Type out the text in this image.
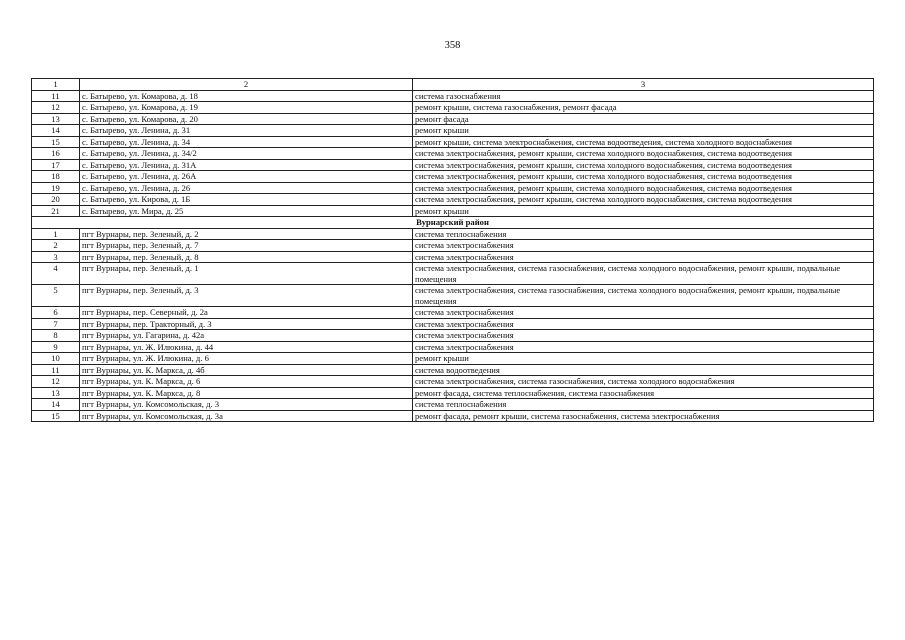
358
1	2	3
11	с. Батырево, ул. Комарова, д. 18	система газоснабжения
12	с. Батырево, ул. Комарова, д. 19	ремонт крыши, система газоснабжения, ремонт фасада
13	с. Батырево, ул. Комарова, д. 20	ремонт фасада
14	с. Батырево, ул. Ленина, д. 31	ремонт крыши
15	с. Батырево, ул. Ленина, д. 34	ремонт крыши, система электроснабжения, система водоотведения, система холодного водоснабжения
16	с. Батырево, ул. Ленина, д. 34/2	система электроснабжения, ремонт крыши, система холодного водоснабжения, система водоотведения
17	с. Батырево, ул. Ленина, д. 31А	система электроснабжения, ремонт крыши, система холодного водоснабжения, система водоотведения
18	с. Батырево, ул. Ленина, д. 26А	система электроснабжения, ремонт крыши, система холодного водоснабжения, система водоотведения
19	с. Батырево, ул. Ленина, д. 26	система электроснабжения, ремонт крыши, система холодного водоснабжения, система водоотведения
20	с. Батырево, ул. Кирова, д. 1Б	система электроснабжения, ремонт крыши, система холодного водоснабжения, система водоотведения
21	с. Батырево, ул. Мира, д. 25	ремонт крыши
Вурнарский район		
1	пгт Вурнары, пер. Зеленый, д. 2	система теплоснабжения
2	пгт Вурнары, пер. Зеленый, д. 7	система электроснабжения
3	пгт Вурнары, пер. Зеленый, д. 8	система электроснабжения
4	пгт Вурнары, пер. Зеленый, д. 1	система электроснабжения, система газоснабжения, система холодного водоснабжения, ремонт крыши, подвальные помещения
5	пгт Вурнары, пер. Зеленый, д. 3	система электроснабжения, система газоснабжения, система холодного водоснабжения, ремонт крыши, подвальные помещения
6	пгт Вурнары, пер. Северный, д. 2а	система электроснабжения
7	пгт Вурнары, пер. Тракторный, д. 3	система электроснабжения
8	пгт Вурнары, ул. Гагарина, д. 42а	система электроснабжения
9	пгт Вурнары, ул. Ж. Илюкина, д. 44	система электроснабжения
10	пгт Вурнары, ул. Ж. Илюкина, д. 6	ремонт крыши
11	пгт Вурнары, ул. К. Маркса, д. 4б	система водоотведения
12	пгт Вурнары, ул. К. Маркса, д. 6	система электроснабжения, система газоснабжения, система холодного водоснабжения
13	пгт Вурнары, ул. К. Маркса, д. 8	ремонт фасада, система теплоснабжения, система газоснабжения
14	пгт Вурнары, ул. Комсомольская, д. 3	система теплоснабжения
15	пгт Вурнары, ул. Комсомольская, д. 3а	ремонт фасада, ремонт крыши, система газоснабжения, система электроснабжения
